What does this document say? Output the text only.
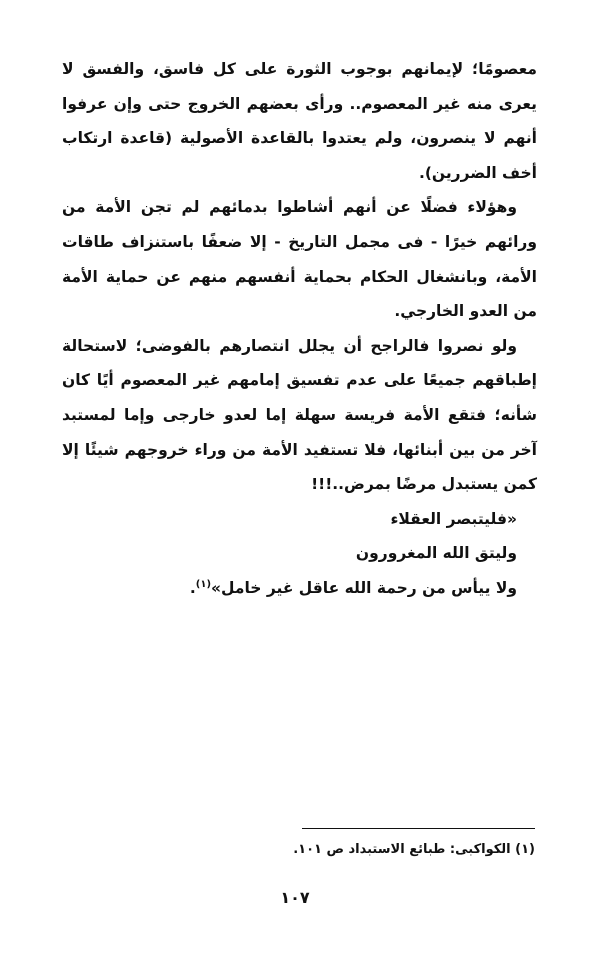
معصومًا؛ لإيمانهم بوجوب الثورة على كل فاسق، والفسق لا يعرى منه غير المعصوم.. ورأى بعضهم الخروج حتى وإن عرفوا أنهم لا ينصرون، ولم يعتدوا بالقاعدة الأصولية (قاعدة ارتكاب أخف الضررين).

وهؤلاء فضلًا عن أنهم أشاطوا بدمائهم لم تجن الأمة من ورائهم خيرًا - فى مجمل التاريخ - إلا ضعفًا باستنزاف طاقات الأمة، وبانشغال الحكام بحماية أنفسهم منهم عن حماية الأمة من العدو الخارجي.

ولو نصروا فالراجح أن يجلل انتصارهم بالفوضى؛ لاستحالة إطباقهم جميعًا على عدم تفسيق إمامهم غير المعصوم أيًا كان شأنه؛ فتقع الأمة فريسة سهلة إما لعدو خارجى وإما لمستبد آخر من بين أبنائها، فلا تستفيد الأمة من وراء خروجهم شيئًا إلا كمن يستبدل مرضًا بمرض..!!!

«فليتبصر العقلاء

وليتق الله المغرورون

ولا ييأس من رحمة الله عاقل غير خامل»$^{(١)}$.

(١) الكواكبى: طبائع الاستبداد ص ١٠١.
١٠٧
